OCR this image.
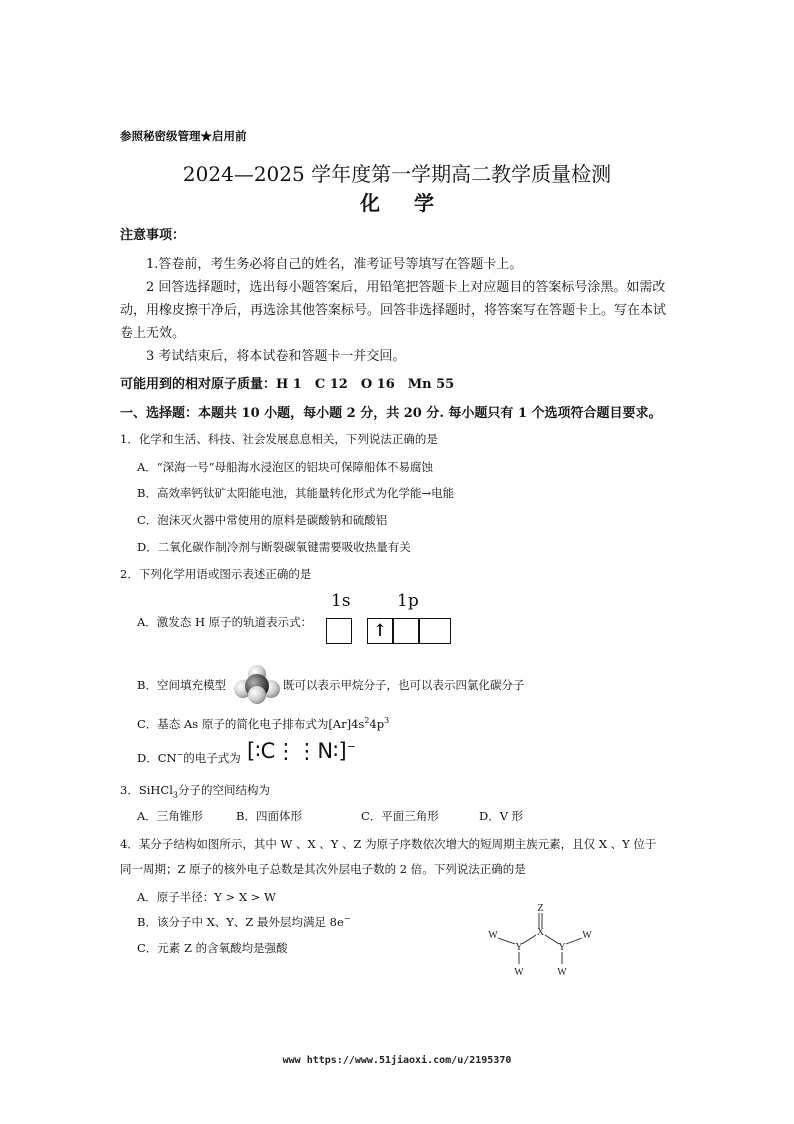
参照秘密级管理★启用前
2024—2025 学年度第一学期高二教学质量检测
化学
注意事项：
1.答卷前，考生务必将自己的姓名，准考证号等填写在答题卡上。
2 回答选择题时，选出每小题答案后，用铅笔把答题卡上对应题目的答案标号涂黑。如需改动，用橡皮擦干净后，再选涂其他答案标号。回答非选择题时，将答案写在答题卡上。写在本试卷上无效。
3 考试结束后，将本试卷和答题卡一并交回。
可能用到的相对原子质量：H 1　C 12　O 16　Mn 55
一、选择题：本题共 10 小题，每小题 2 分，共 20 分. 每小题只有 1 个选项符合题目要求。
1．化学和生活、科技、社会发展息息相关，下列说法正确的是
A．“深海一号”母船海水浸泡区的铝块可保障船体不易腐蚀
B．高效率钙钛矿太阳能电池，其能量转化形式为化学能→电能
C．泡沫灭火器中常使用的原料是碳酸钠和硫酸铝
D．二氧化碳作制冷剂与断裂碳氧键需要吸收热量有关
2．下列化学用语或图示表述正确的是
A．激发态 H 原子的轨道表示式：
1s	1p
↑
B．空间填充模型	既可以表示甲烷分子，也可以表示四氯化碳分子
C．基态 As 原子的简化电子排布式为$[Ar]4s^24p^3$
D．CN−的电子式为 [∶C⋮⋮N∶]−
3．SiHCl$_3$分子的空间结构为
A．三角锥形	B．四面体形	C．平面三角形	D．V 形
4．某分子结构如图所示，其中 W 、X 、Y 、Z 为原子序数依次增大的短周期主族元素，且仅 X 、Y 位于
同一周期；Z 原子的核外电子总数是其次外层电子数的 2 倍。下列说法正确的是
A．原子半径：Y > X > W
B．该分子中 X、Y、Z 最外层均满足 8e−
C．元素 Z 的含氧酸均是强酸
Z
X
Y	Y
W	W
W	W
www https://www.51jiaoxi.com/u/2195370
